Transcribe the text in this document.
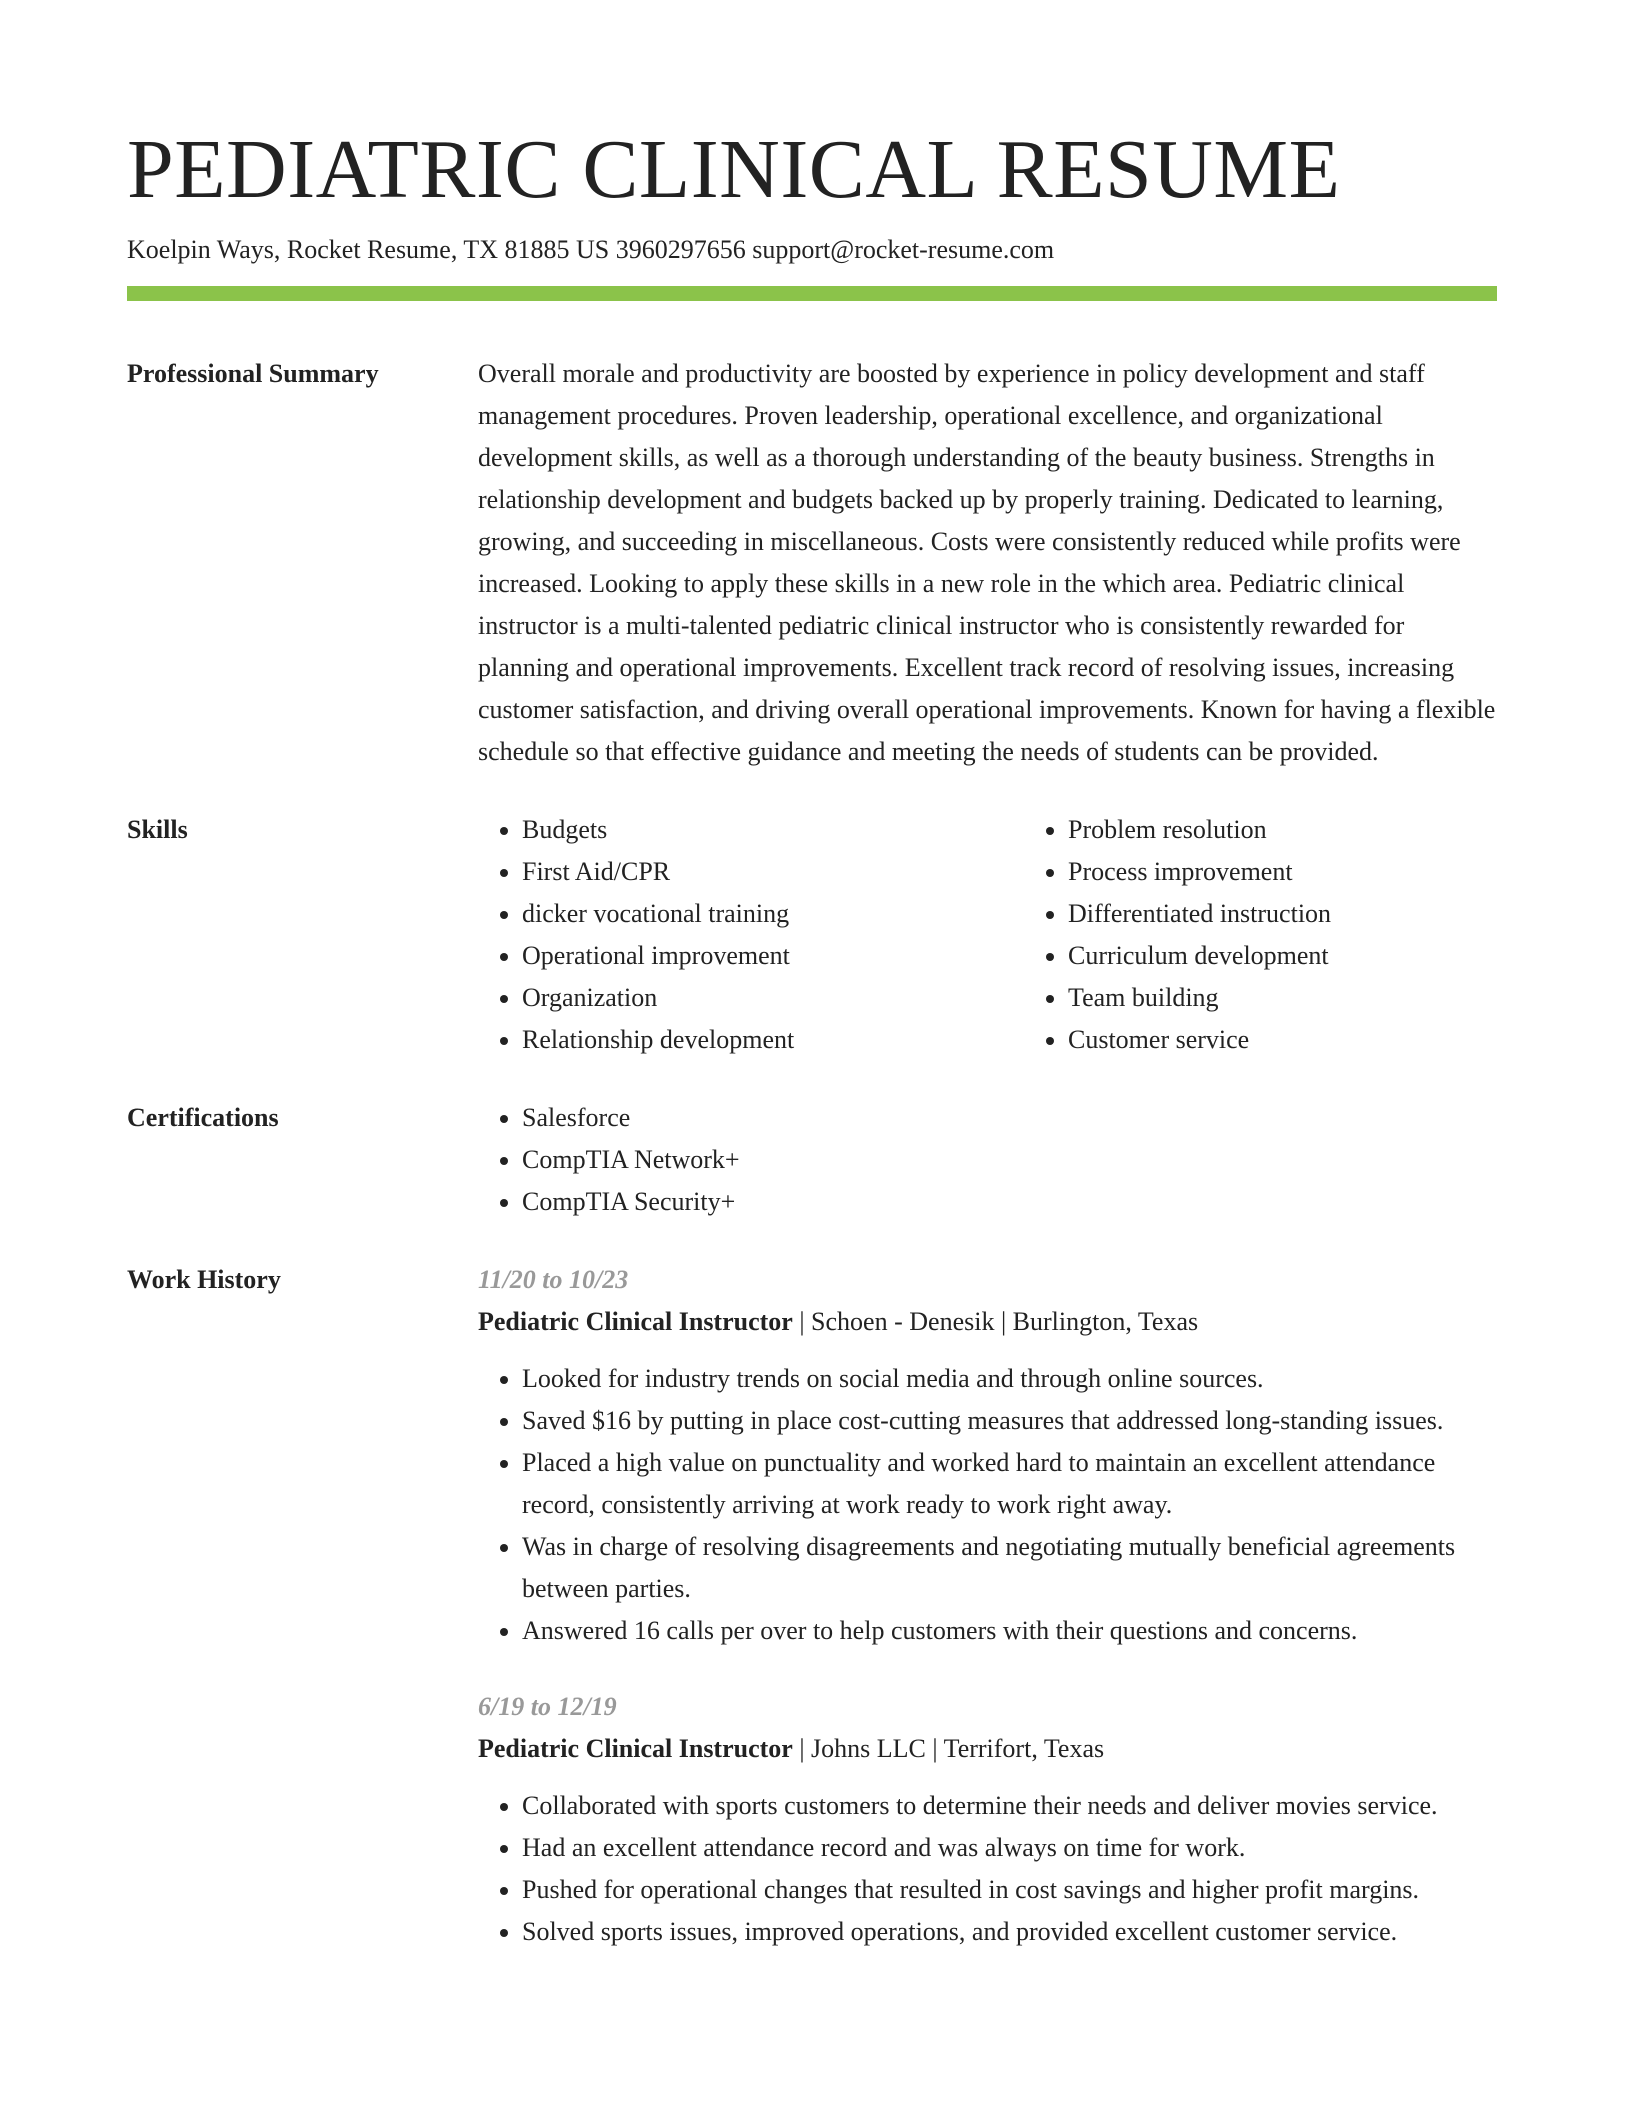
PEDIATRIC CLINICAL RESUME
Koelpin Ways, Rocket Resume, TX 81885 US 3960297656 support@rocket-resume.com
Professional Summary	Overall morale and productivity are boosted by experience in policy development and staff management procedures. Proven leadership, operational excellence, and organizational development skills, as well as a thorough understanding of the beauty business. Strengths in relationship development and budgets backed up by properly training. Dedicated to learning, growing, and succeeding in miscellaneous. Costs were consistently reduced while profits were increased. Looking to apply these skills in a new role in the which area. Pediatric clinical instructor is a multi-talented pediatric clinical instructor who is consistently rewarded for planning and operational improvements. Excellent track record of resolving issues, increasing customer satisfaction, and driving overall operational improvements. Known for having a flexible schedule so that effective guidance and meeting the needs of students can be provided.

Skills	• Budgets
• First Aid/CPR
• dicker vocational training
• Operational improvement
• Organization
• Relationship development
• Problem resolution
• Process improvement
• Differentiated instruction
• Curriculum development
• Team building
• Customer service
Certifications	• Salesforce
• CompTIA Network+
• CompTIA Security+
Work History	11/20 to 10/23
Pediatric Clinical Instructor | Schoen - Denesik | Burlington, Texas
• Looked for industry trends on social media and through online sources.
• Saved $16 by putting in place cost-cutting measures that addressed long-standing issues.
• Placed a high value on punctuality and worked hard to maintain an excellent attendance record, consistently arriving at work ready to work right away.
• Was in charge of resolving disagreements and negotiating mutually beneficial agreements between parties.
• Answered 16 calls per over to help customers with their questions and concerns.
6/19 to 12/19
Pediatric Clinical Instructor | Johns LLC | Terrifort, Texas
• Collaborated with sports customers to determine their needs and deliver movies service.
• Had an excellent attendance record and was always on time for work.
• Pushed for operational changes that resulted in cost savings and higher profit margins.
• Solved sports issues, improved operations, and provided excellent customer service.
